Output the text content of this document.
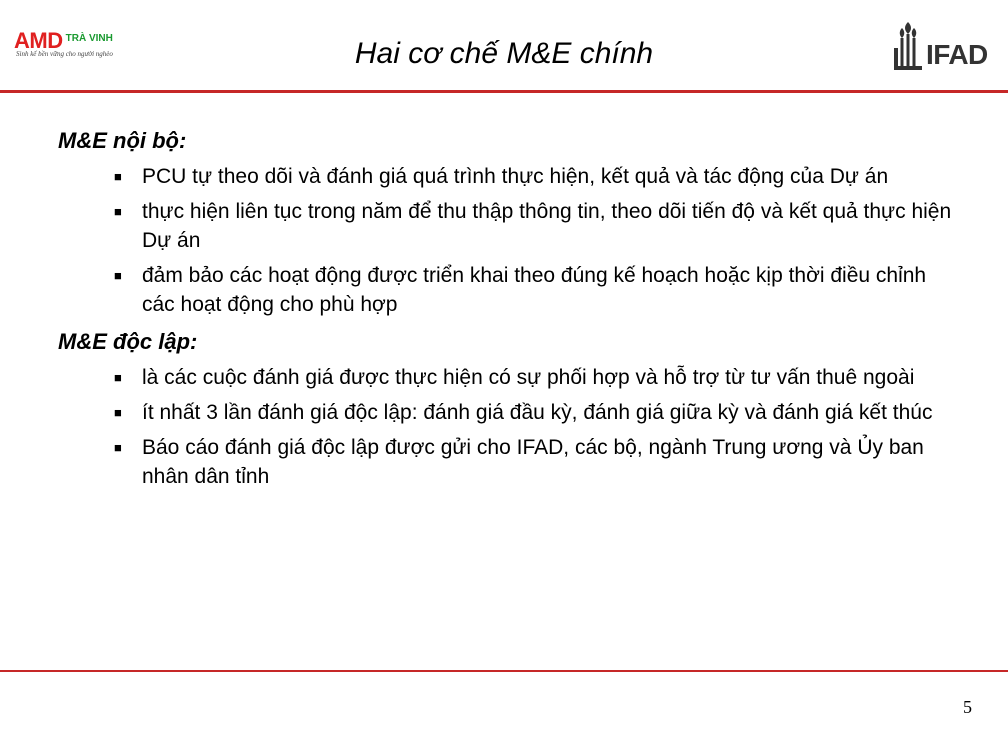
AMD $^{TRÀ VINH}$
Sinh kế bền vững cho người nghèo	Hai cơ chế M&E chính	IFAD
M&E nội bộ:
■ PCU tự theo dõi và đánh giá quá trình thực hiện, kết quả và tác động của Dự án
■ thực hiện liên tục trong năm để thu thập thông tin, theo dõi tiến độ và kết quả thực hiện Dự án
■ đảm bảo các hoạt động được triển khai theo đúng kế hoạch hoặc kịp thời điều chỉnh các hoạt động cho phù hợp
M&E độc lập:
■ là các cuộc đánh giá được thực hiện có sự phối hợp và hỗ trợ từ tư vấn thuê ngoài
■ ít nhất 3 lần đánh giá độc lập: đánh giá đầu kỳ, đánh giá giữa kỳ và đánh giá kết thúc
■ Báo cáo đánh giá độc lập được gửi cho IFAD, các bộ, ngành Trung ương và Ủy ban nhân dân tỉnh
5
